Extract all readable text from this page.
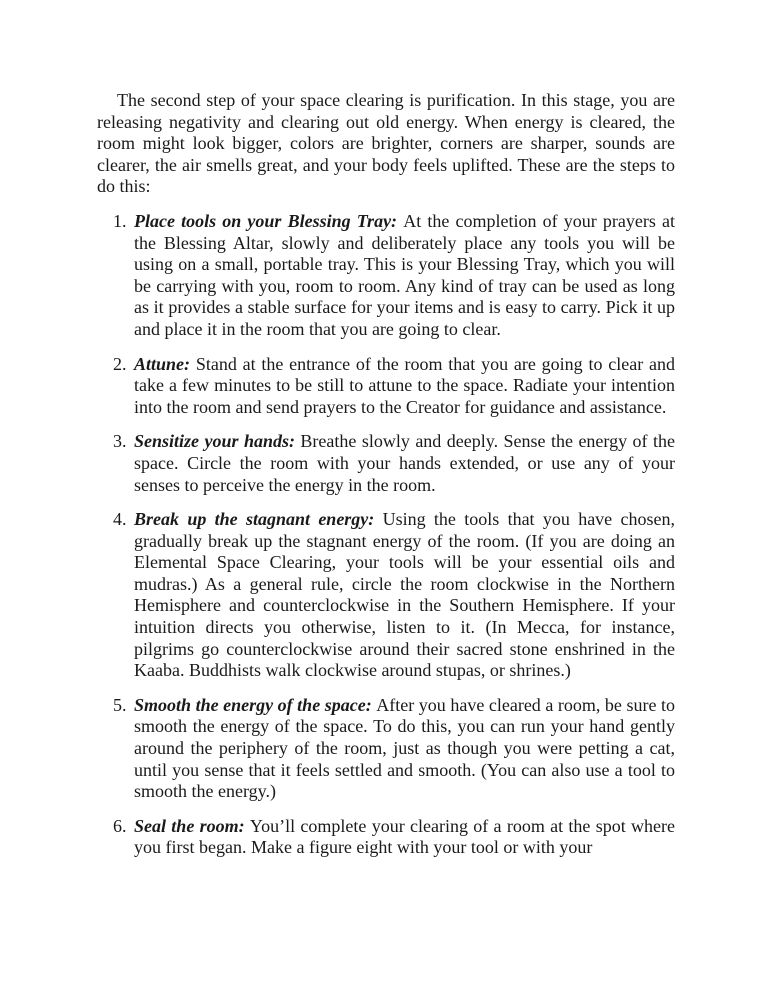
The second step of your space clearing is purification. In this stage, you are releasing negativity and clearing out old energy. When energy is cleared, the room might look bigger, colors are brighter, corners are sharper, sounds are clearer, the air smells great, and your body feels uplifted. These are the steps to do this:

1. Place tools on your Blessing Tray: At the completion of your prayers at the Blessing Altar, slowly and deliberately place any tools you will be using on a small, portable tray. This is your Blessing Tray, which you will be carrying with you, room to room. Any kind of tray can be used as long as it provides a stable surface for your items and is easy to carry. Pick it up and place it in the room that you are going to clear.
2. Attune: Stand at the entrance of the room that you are going to clear and take a few minutes to be still to attune to the space. Radiate your intention into the room and send prayers to the Creator for guidance and assistance.
3. Sensitize your hands: Breathe slowly and deeply. Sense the energy of the space. Circle the room with your hands extended, or use any of your senses to perceive the energy in the room.
4. Break up the stagnant energy: Using the tools that you have chosen, gradually break up the stagnant energy of the room. (If you are doing an Elemental Space Clearing, your tools will be your essential oils and mudras.) As a general rule, circle the room clockwise in the Northern Hemisphere and counterclockwise in the Southern Hemisphere. If your intuition directs you otherwise, listen to it. (In Mecca, for instance, pilgrims go counterclockwise around their sacred stone enshrined in the Kaaba. Buddhists walk clockwise around stupas, or shrines.)
5. Smooth the energy of the space: After you have cleared a room, be sure to smooth the energy of the space. To do this, you can run your hand gently around the periphery of the room, just as though you were petting a cat, until you sense that it feels settled and smooth. (You can also use a tool to smooth the energy.)
6. Seal the room: You’ll complete your clearing of a room at the spot where you first began. Make a figure eight with your tool or with your
